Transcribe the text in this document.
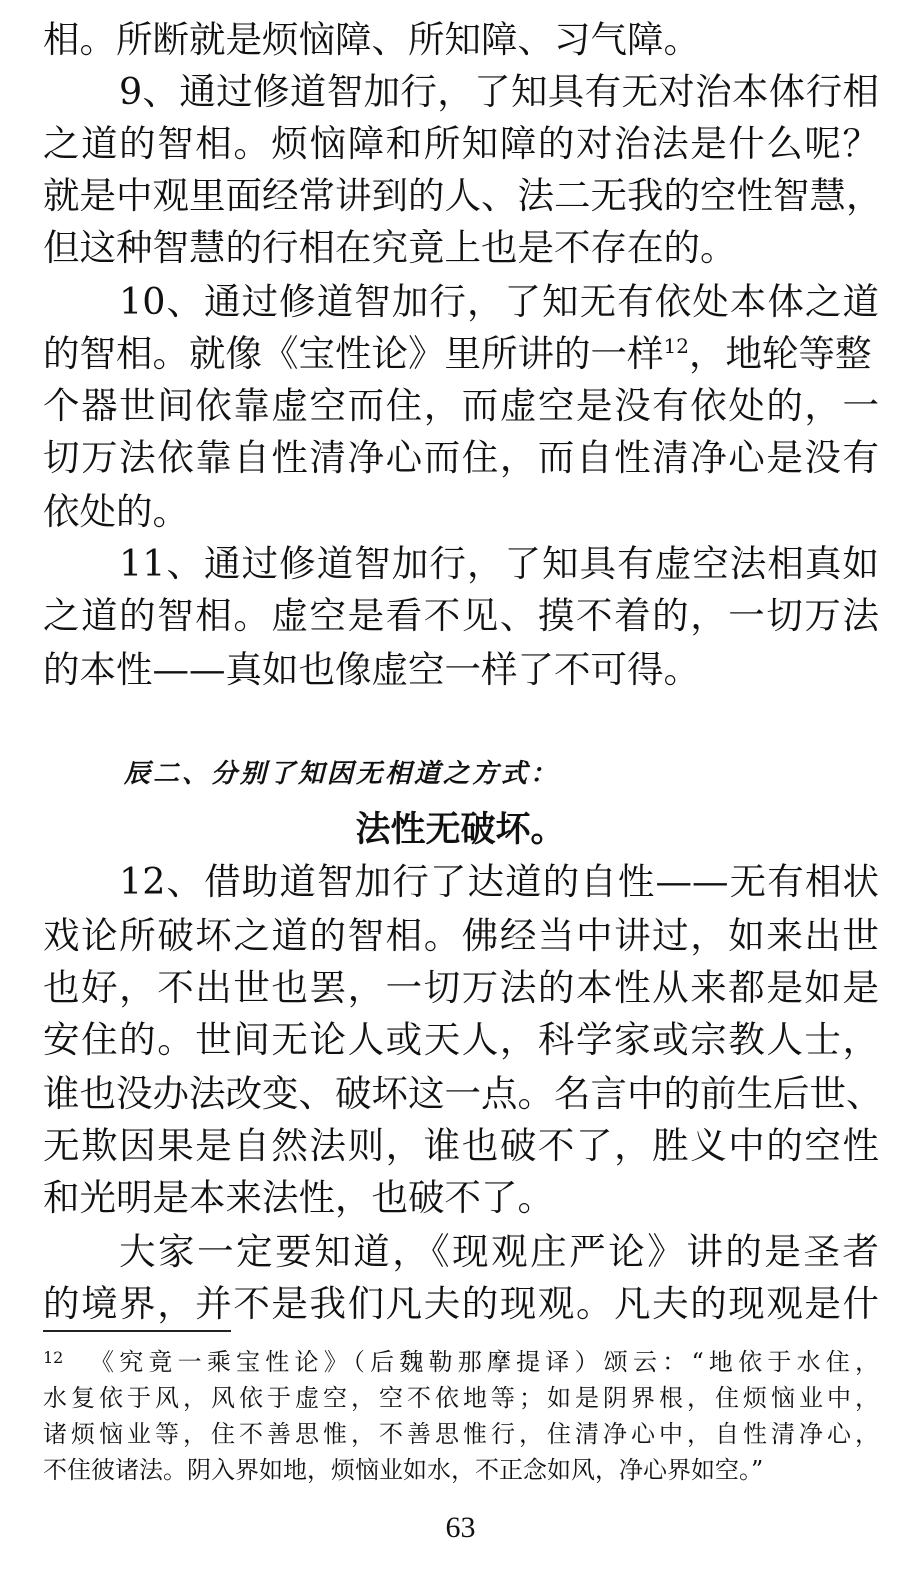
相。所断就是烦恼障、所知障、习气障。
9、通过修道智加行，了知具有无对治本体行相
之道的智相。烦恼障和所知障的对治法是什么呢？
就是中观里面经常讲到的人、法二无我的空性智慧，
但这种智慧的行相在究竟上也是不存在的。
10、通过修道智加行，了知无有依处本体之道
的智相。就像《宝性论》里所讲的一样$^{12}$，地轮等整
个器世间依靠虚空而住，而虚空是没有依处的，一
切万法依靠自性清净心而住，而自性清净心是没有
依处的。
11、通过修道智加行，了知具有虚空法相真如
之道的智相。虚空是看不见、摸不着的，一切万法
的本性——真如也像虚空一样了不可得。
辰二、分别了知因无相道之方式：
法性无破坏。
12、借助道智加行了达道的自性——无有相状
戏论所破坏之道的智相。佛经当中讲过，如来出世
也好，不出世也罢，一切万法的本性从来都是如是
安住的。世间无论人或天人，科学家或宗教人士，
谁也没办法改变、破坏这一点。名言中的前生后世、
无欺因果是自然法则，谁也破不了，胜义中的空性
和光明是本来法性，也破不了。
大家一定要知道，《现观庄严论》讲的是圣者
的境界，并不是我们凡夫的现观。凡夫的现观是什
12 《究竟一乘宝性论》（后魏勒那摩提译）颂云：“地依于水住，
水复依于风，风依于虚空，空不依地等；如是阴界根，住烦恼业中，
诸烦恼业等，住不善思惟，不善思惟行，住清净心中，自性清净心，
不住彼诸法。阴入界如地，烦恼业如水，不正念如风，净心界如空。”
63
